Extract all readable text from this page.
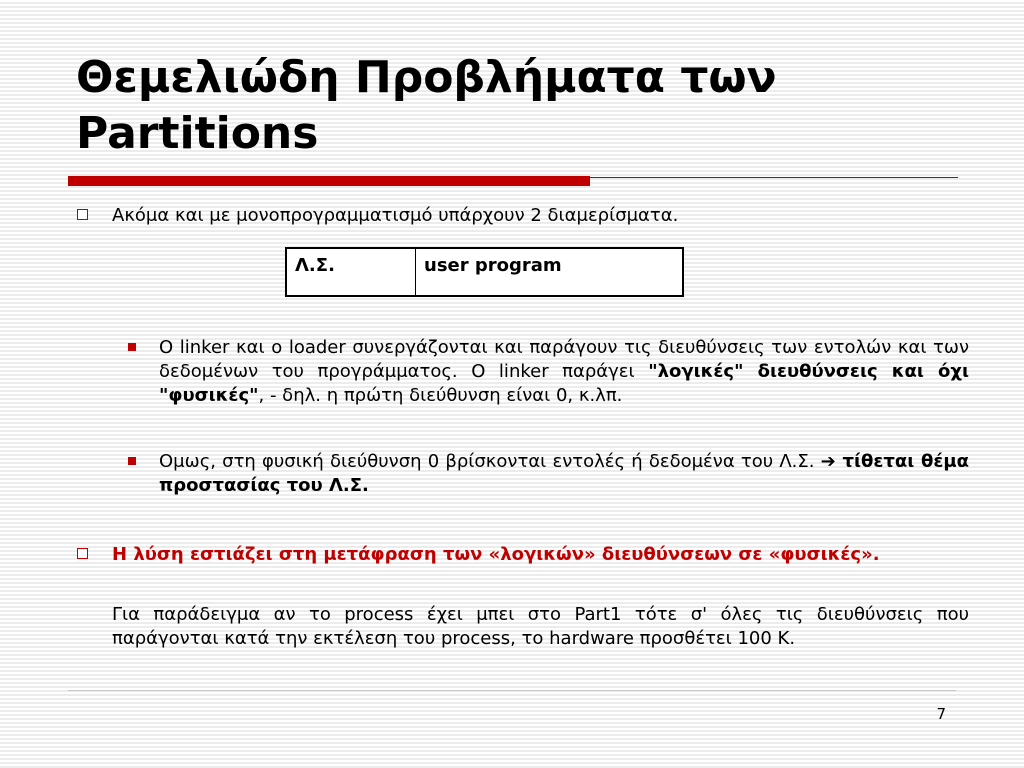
Θεμελιώδη Προβλήματα των
Partitions
Ακόμα και με μονοπρογραμματισμό υπάρχουν 2 διαμερίσματα.
Λ.Σ.	user program
O linker και o loader συνεργάζονται και παράγουν τις διευθύνσεις των εντολών και των δεδομένων του προγράμματος. O linker παράγει "λογικές" διευθύνσεις και όχι "φυσικές", - δηλ. η πρώτη διεύθυνση είναι 0, κ.λπ.
Ομως, στη φυσική διεύθυνση 0 βρίσκονται εντολές ή δεδομένα του Λ.Σ. ➔ τίθεται θέμα προστασίας του Λ.Σ.
Η λύση εστιάζει στη μετάφραση των «λογικών» διευθύνσεων σε «φυσικές».
Για παράδειγμα αν το process έχει μπει στο Part1 τότε σ' όλες τις διευθύνσεις που παράγονται κατά την εκτέλεση του process, το hardware προσθέτει 100 K.
7
